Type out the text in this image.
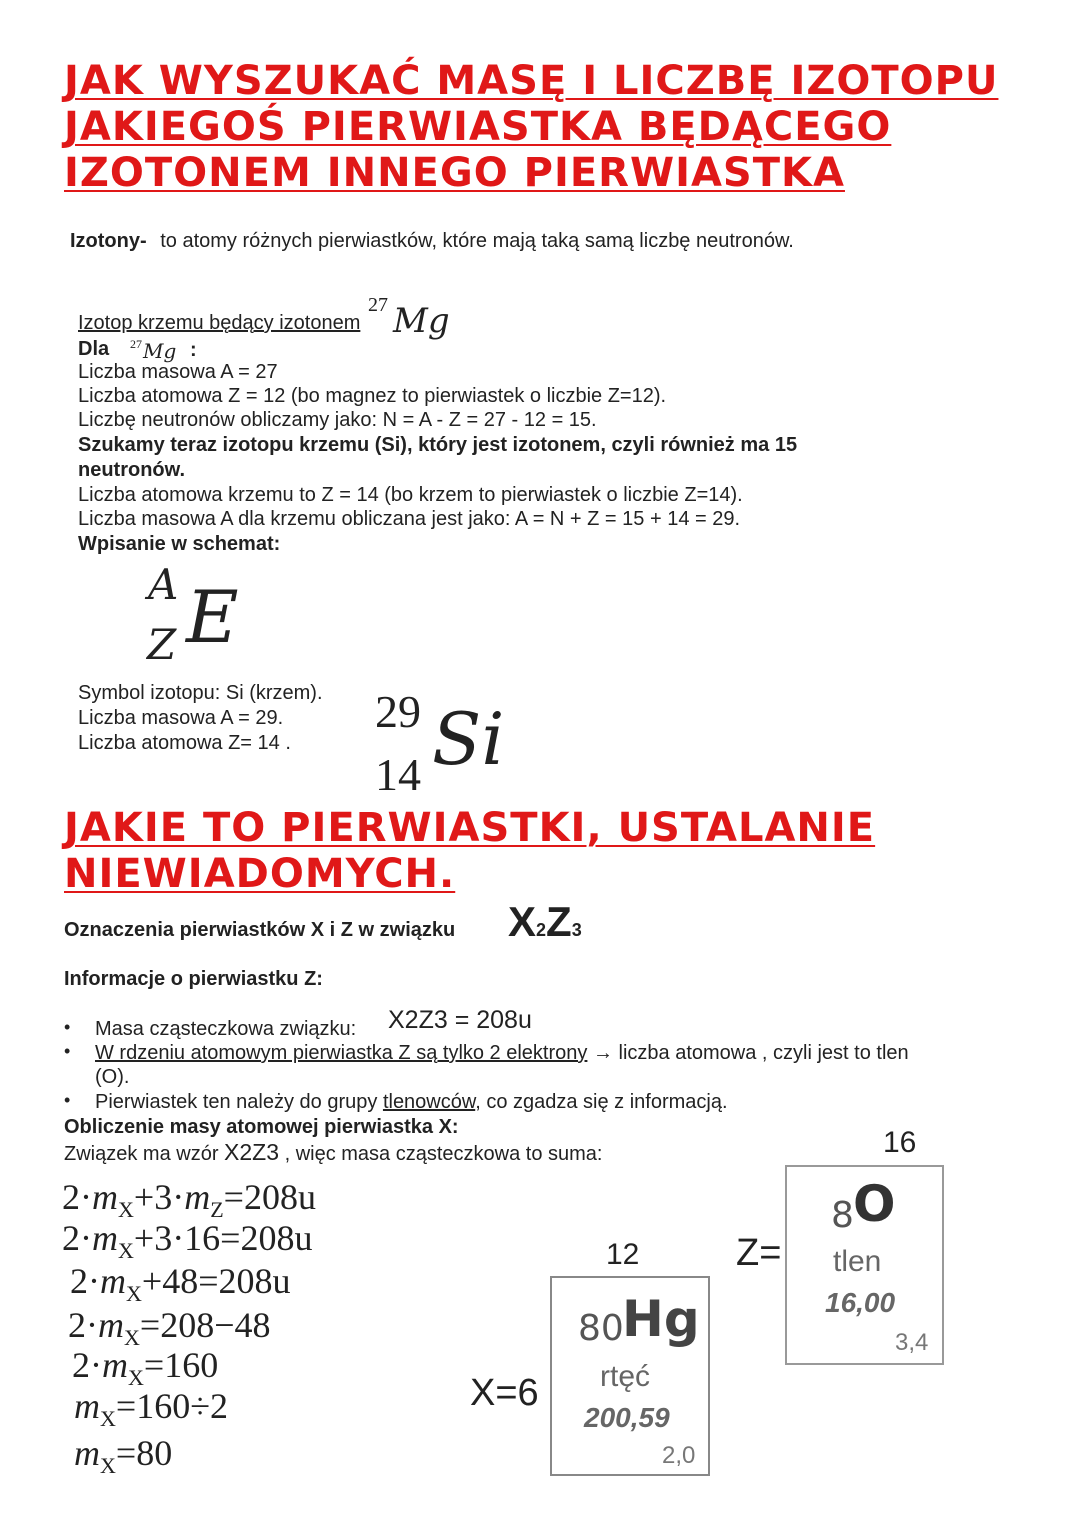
JAK WYSZUKAĆ MASĘ I LICZBĘ IZOTOPU
JAKIEGOŚ PIERWIASTKA BĘDĄCEGO
IZOTONEM INNEGO PIERWIASTKA
Izotony- to atomy różnych pierwiastków, które mają taką samą liczbę neutronów.
Izotop krzemu będący izotonem
27 Mg
Dla 27 Mg :
Liczba masowa A = 27
Liczba atomowa Z = 12 (bo magnez to pierwiastek o liczbie Z=12).
Liczbę neutronów obliczamy jako: N = A - Z = 27 - 12 = 15.
Szukamy teraz izotopu krzemu (Si), który jest izotonem, czyli również ma 15
neutronów.
Liczba atomowa krzemu to Z = 14 (bo krzem to pierwiastek o liczbie Z=14).
Liczba masowa A dla krzemu obliczana jest jako: A = N + Z = 15 + 14 = 29.
Wpisanie w schemat:
A
Z E
Symbol izotopu: Si (krzem).
Liczba masowa A = 29.
Liczba atomowa Z= 14 .
29
14 Si
JAKIE TO PIERWIASTKI, USTALANIE
NIEWIADOMYCH.
Oznaczenia pierwiastków X i Z w związku X2Z3
Informacje o pierwiastku Z:
• Masa cząsteczkowa związku: X2Z3 = 208u
• W rdzeniu atomowym pierwiastka Z są tylko 2 elektrony → liczba atomowa , czyli jest to tlen
(O).
• Pierwiastek ten należy do grupy tlenowców, co zgadza się z informacją.
Obliczenie masy atomowej pierwiastka X:
Związek ma wzór X2Z3 , więc masa cząsteczkowa to suma:
$2\cdot m_X+3\cdot m_Z=208u$
$2\cdot m_X+3\cdot 16=208u$
$2\cdot m_X+48=208u$
$2\cdot m_X=208-48$
$2\cdot m_X=160$
$m_X=160\div 2$
$m_X=80$
X=6
12
80
Hg
rtęć
200,59
2,0
Z=
16
8 O
tlen
16,00
3,4
